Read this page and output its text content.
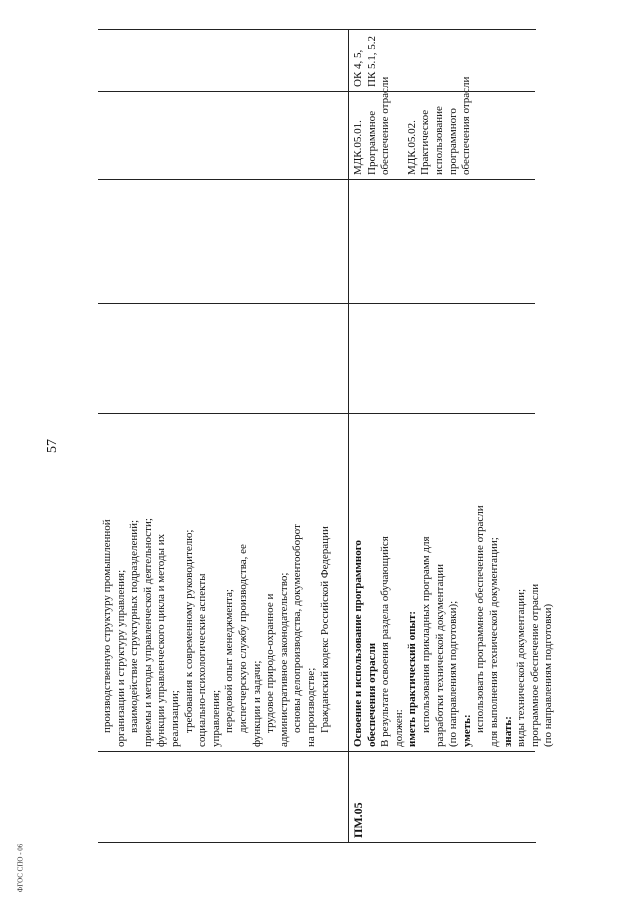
57
ФГОС СПО - 06
производственную структуру промышленной организации и структуру управления; взаимодействие структурных подразделений; приемы и методы управленческой деятельности; функции управленческого цикла и методы их реализации; требования к современному руководителю; социально-психологические аспекты управления; передовой опыт менеджмента; диспетчерскую службу производства, ее функции и задачи; трудовое природо-охранное и административное законодательство; основы делопроизводства, документооборот на производстве; Гражданский кодекс Российской Федерации
ПМ.05
Освоение и использование программного обеспечения отрасли В результате освоения раздела обучающийся должен: иметь практический опыт: использования прикладных программ для разработки технической документации (по направлениям подготовки); уметь: использовать программное обеспечение отрасли для выполнения технической документации; знать: виды технической документации; программное обеспечение отрасли (по направлениям подготовки)
МДК.05.01. Программное обеспечение отрасли МДК.05.02. Практическое использование программного обеспечения отрасли
ОК 4, 5, ПК 5.1, 5.2
